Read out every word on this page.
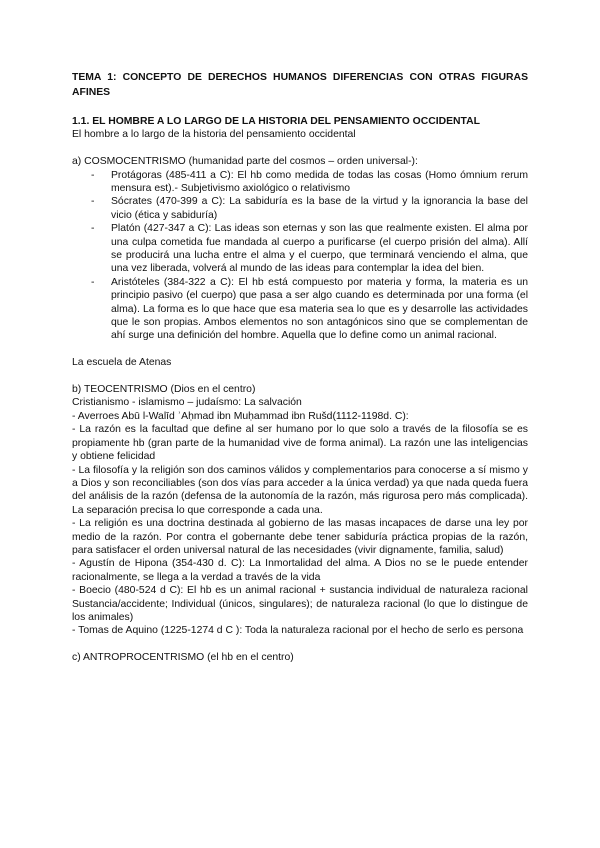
TEMA 1: CONCEPTO DE DERECHOS HUMANOS DIFERENCIAS CON OTRAS FIGURAS AFINES

1.1. EL HOMBRE A LO LARGO DE LA HISTORIA DEL PENSAMIENTO OCCIDENTAL

El hombre a lo largo de la historia del pensamiento occidental

a) COSMOCENTRISMO (humanidad parte del cosmos – orden universal-):

- Protágoras (485-411 a C): El hb como medida de todas las cosas (Homo ómnium rerum mensura est).- Subjetivismo axiológico o relativismo
- Sócrates (470-399 a C): La sabiduría es la base de la virtud y la ignorancia la base del vicio (ética y sabiduría)
- Platón (427-347 a C): Las ideas son eternas y son las que realmente existen. El alma por una culpa cometida fue mandada al cuerpo a purificarse (el cuerpo prisión del alma). Allí se producirá una lucha entre el alma y el cuerpo, que terminará venciendo el alma, que una vez liberada, volverá al mundo de las ideas para contemplar la idea del bien.
- Aristóteles (384-322 a C): El hb está compuesto por materia y forma, la materia es un principio pasivo (el cuerpo) que pasa a ser algo cuando es determinada por una forma (el alma). La forma es lo que hace que esa materia sea lo que es y desarrolle las actividades que le son propias. Ambos elementos no son antagónicos sino que se complementan de ahí surge una definición del hombre. Aquella que lo define como un animal racional.

La escuela de Atenas

b) TEOCENTRISMO (Dios en el centro)

Cristianismo - islamismo – judaísmo: La salvación

- Averroes Abū l-Walīd ʾAḥmad ibn Muḥammad ibn Rušd(1112-1198d. C):

- La razón es la facultad que define al ser humano por lo que solo a través de la filosofía se es propiamente hb (gran parte de la humanidad vive de forma animal). La razón une las inteligencias y obtiene felicidad

- La filosofía y la religión son dos caminos válidos y complementarios para conocerse a sí mismo y a Dios y son reconciliables (son dos vías para acceder a la única verdad) ya que nada queda fuera del análisis de la razón (defensa de la autonomía de la razón, más rigurosa pero más complicada). La separación precisa lo que corresponde a cada una.

- La religión es una doctrina destinada al gobierno de las masas incapaces de darse una ley por medio de la razón. Por contra el gobernante debe tener sabiduría práctica propias de la razón, para satisfacer el orden universal natural de las necesidades (vivir dignamente, familia, salud)

- Agustín de Hipona (354-430 d. C): La Inmortalidad del alma. A Dios no se le puede entender racionalmente, se llega a la verdad a través de la vida

- Boecio (480-524 d C): El hb es un animal racional + sustancia individual de naturaleza racional Sustancia/accidente; Individual (únicos, singulares); de naturaleza racional (lo que lo distingue de los animales)

- Tomas de Aquino (1225-1274 d C ): Toda la naturaleza racional por el hecho de serlo es persona

c) ANTROPROCENTRISMO (el hb en el centro)
